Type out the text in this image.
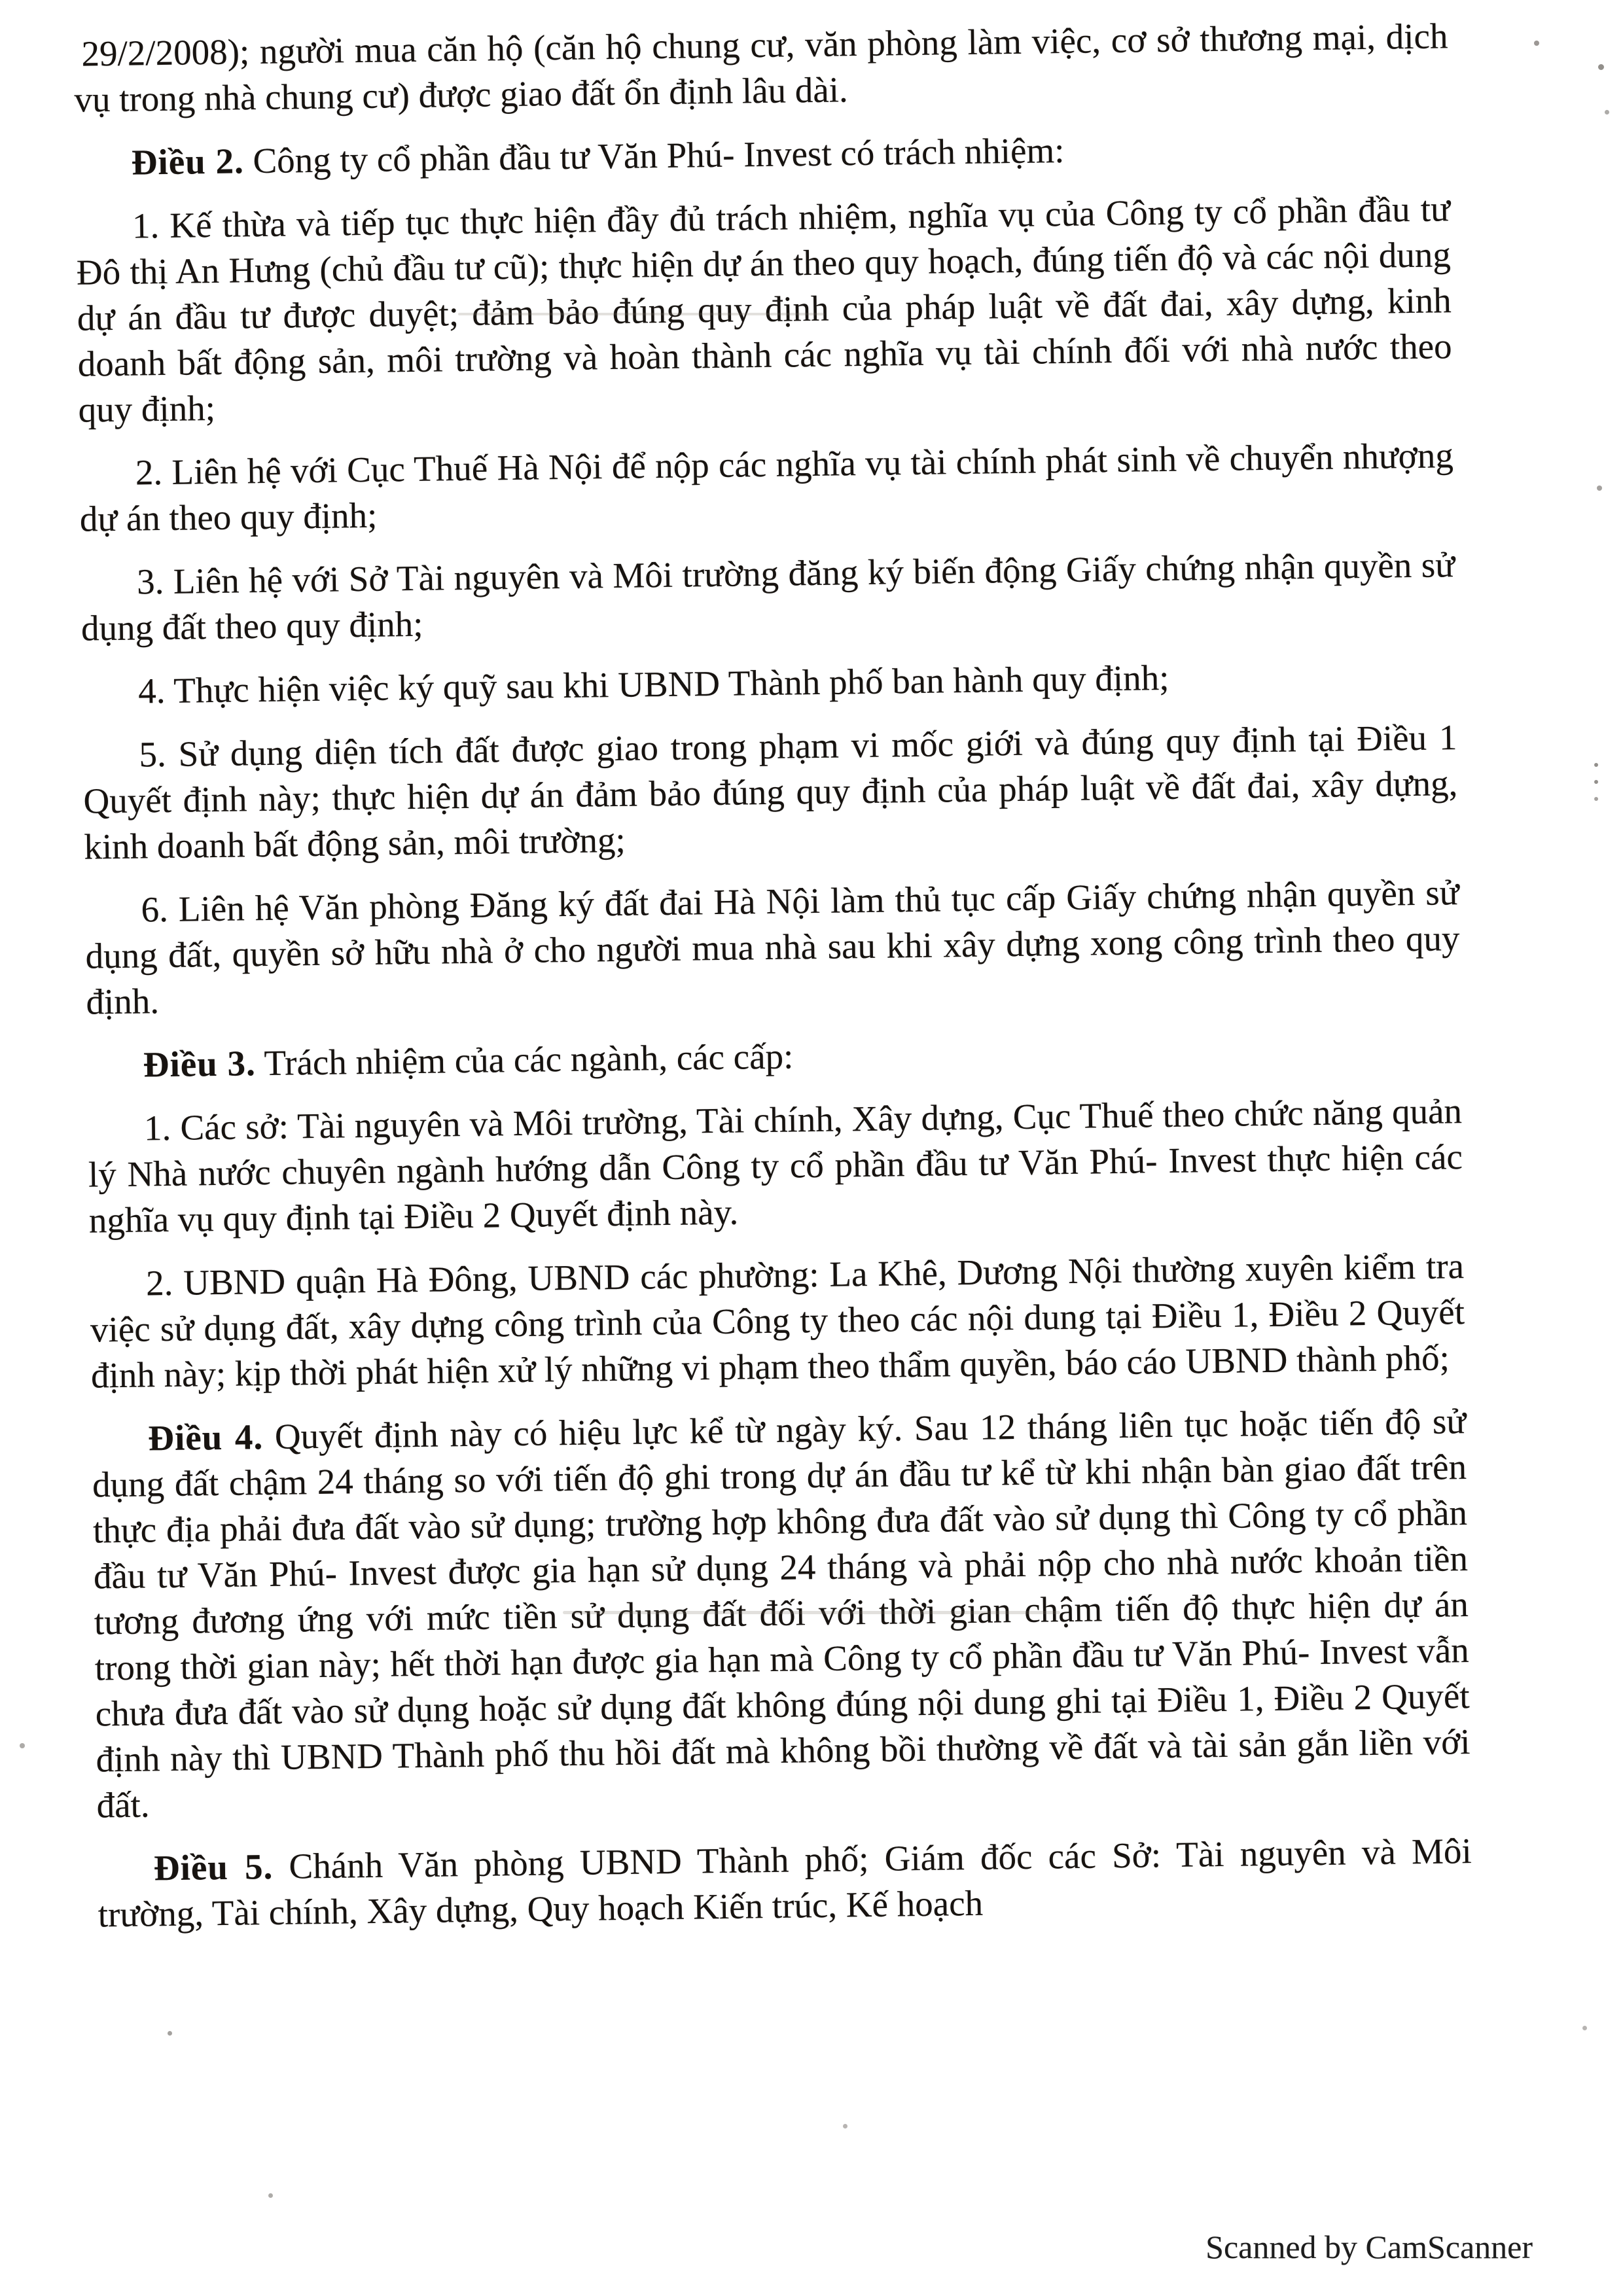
29/2/2008); người mua căn hộ (căn hộ chung cư, văn phòng làm việc, cơ sở thương mại, dịch vụ trong nhà chung cư) được giao đất ổn định lâu dài.

Điều 2. Công ty cổ phần đầu tư Văn Phú- Invest có trách nhiệm:

1. Kế thừa và tiếp tục thực hiện đầy đủ trách nhiệm, nghĩa vụ của Công ty cổ phần đầu tư Đô thị An Hưng (chủ đầu tư cũ); thực hiện dự án theo quy hoạch, đúng tiến độ và các nội dung dự án đầu tư được duyệt; đảm bảo đúng quy định của pháp luật về đất đai, xây dựng, kinh doanh bất động sản, môi trường và hoàn thành các nghĩa vụ tài chính đối với nhà nước theo quy định;

2. Liên hệ với Cục Thuế Hà Nội để nộp các nghĩa vụ tài chính phát sinh về chuyển nhượng dự án theo quy định;

3. Liên hệ với Sở Tài nguyên và Môi trường đăng ký biến động Giấy chứng nhận quyền sử dụng đất theo quy định;

4. Thực hiện việc ký quỹ sau khi UBND Thành phố ban hành quy định;

5. Sử dụng diện tích đất được giao trong phạm vi mốc giới và đúng quy định tại Điều 1 Quyết định này; thực hiện dự án đảm bảo đúng quy định của pháp luật về đất đai, xây dựng, kinh doanh bất động sản, môi trường;

6. Liên hệ Văn phòng Đăng ký đất đai Hà Nội làm thủ tục cấp Giấy chứng nhận quyền sử dụng đất, quyền sở hữu nhà ở cho người mua nhà sau khi xây dựng xong công trình theo quy định.

Điều 3. Trách nhiệm của các ngành, các cấp:

1. Các sở: Tài nguyên và Môi trường, Tài chính, Xây dựng, Cục Thuế theo chức năng quản lý Nhà nước chuyên ngành hướng dẫn Công ty cổ phần đầu tư Văn Phú- Invest thực hiện các nghĩa vụ quy định tại Điều 2 Quyết định này.

2. UBND quận Hà Đông, UBND các phường: La Khê, Dương Nội thường xuyên kiểm tra việc sử dụng đất, xây dựng công trình của Công ty theo các nội dung tại Điều 1, Điều 2 Quyết định này; kịp thời phát hiện xử lý những vi phạm theo thẩm quyền, báo cáo UBND thành phố;

Điều 4. Quyết định này có hiệu lực kể từ ngày ký. Sau 12 tháng liên tục hoặc tiến độ sử dụng đất chậm 24 tháng so với tiến độ ghi trong dự án đầu tư kể từ khi nhận bàn giao đất trên thực địa phải đưa đất vào sử dụng; trường hợp không đưa đất vào sử dụng thì Công ty cổ phần đầu tư Văn Phú- Invest được gia hạn sử dụng 24 tháng và phải nộp cho nhà nước khoản tiền tương đương ứng với mức tiền sử dụng đất đối với thời gian chậm tiến độ thực hiện dự án trong thời gian này; hết thời hạn được gia hạn mà Công ty cổ phần đầu tư Văn Phú- Invest vẫn chưa đưa đất vào sử dụng hoặc sử dụng đất không đúng nội dung ghi tại Điều 1, Điều 2 Quyết định này thì UBND Thành phố thu hồi đất mà không bồi thường về đất và tài sản gắn liền với đất.

Điều 5. Chánh Văn phòng UBND Thành phố; Giám đốc các Sở: Tài nguyên và Môi trường, Tài chính, Xây dựng, Quy hoạch Kiến trúc, Kế hoạch

Scanned by CamScanner
